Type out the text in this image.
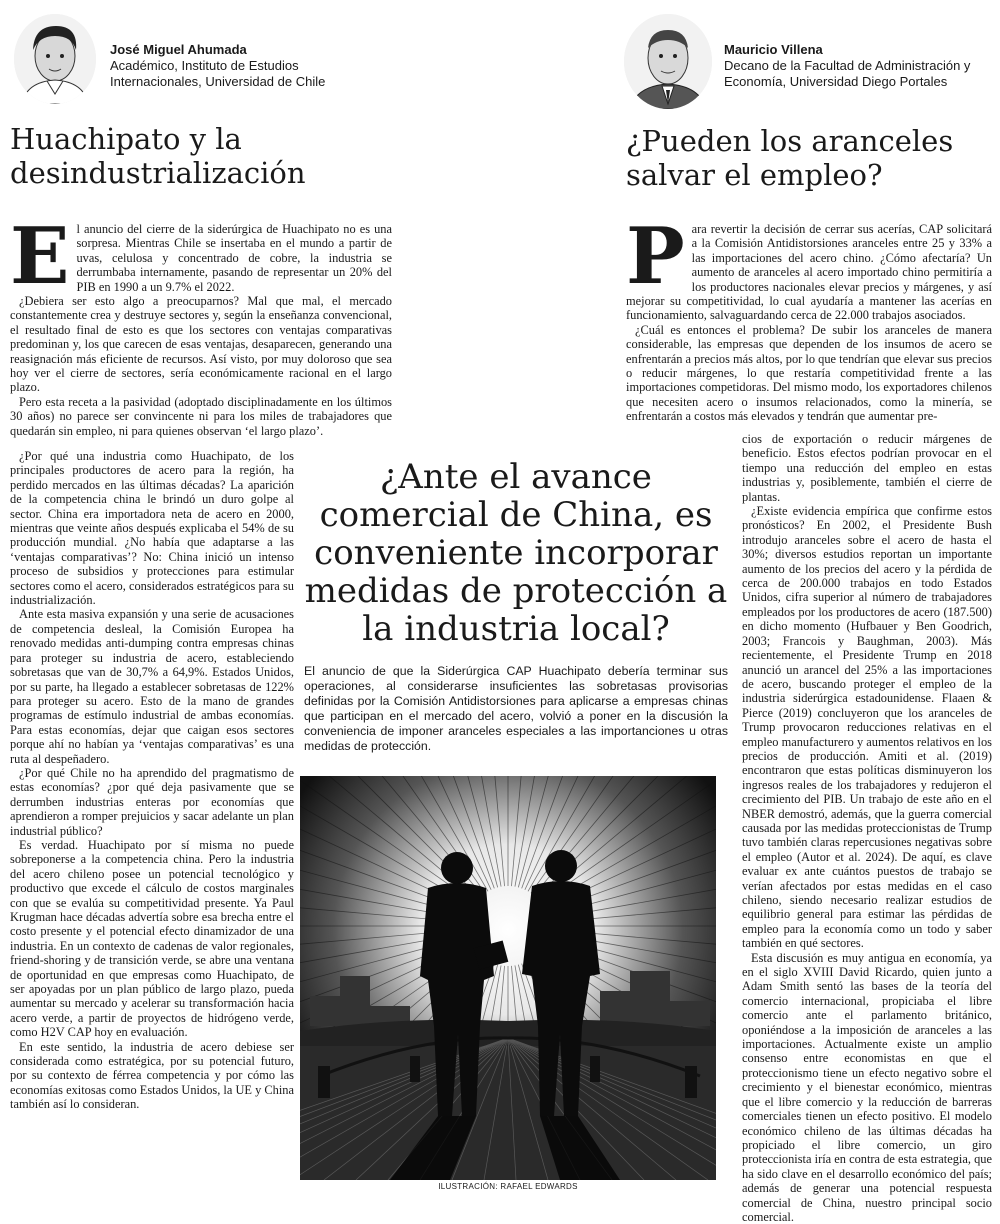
José Miguel Ahumada
Académico, Instituto de Estudios
Internacionales, Universidad de Chile
Mauricio Villena
Decano de la Facultad de Administración y
Economía, Universidad Diego Portales
Huachipato y la
desindustrialización
¿Pueden los aranceles
salvar el empleo?

El anuncio del cierre de la siderúrgica de Huachipato no es una sorpresa. Mientras Chile se insertaba en el mundo a partir de uvas, celulosa y concentrado de cobre, la industria se derrumbaba internamente, pasando de representar un 20% del PIB en 1990 a un 9.7% el 2022.

¿Debiera ser esto algo a preocuparnos? Mal que mal, el mercado constantemente crea y destruye sectores y, según la enseñanza convencional, el resultado final de esto es que los sectores con ventajas comparativas predominan y, los que carecen de esas ventajas, desaparecen, generando una reasignación más eficiente de recursos. Así visto, por muy doloroso que sea hoy ver el cierre de sectores, sería económicamente racional en el largo plazo.

Pero esta receta a la pasividad (adoptado disciplinadamente en los últimos 30 años) no parece ser convincente ni para los miles de trabajadores que quedarán sin empleo, ni para quienes observan ‘el largo plazo’.

¿Por qué una industria como Huachipato, de los principales productores de acero para la región, ha perdido mercados en las últimas décadas? La aparición de la competencia china le brindó un duro golpe al sector. China era importadora neta de acero en 2000, mientras que veinte años después explicaba el 54% de su producción mundial. ¿No había que adaptarse a las ‘ventajas comparativas’? No: China inició un intenso proceso de subsidios y protecciones para estimular sectores como el acero, considerados estratégicos para su industrialización.

Ante esta masiva expansión y una serie de acusaciones de competencia desleal, la Comisión Europea ha renovado medidas anti-dumping contra empresas chinas para proteger su industria de acero, estableciendo sobretasas que van de 30,7% a 64,9%. Estados Unidos, por su parte, ha llegado a establecer sobretasas de 122% para proteger su acero. Esto de la mano de grandes programas de estímulo industrial de ambas economías. Para estas economías, dejar que caigan esos sectores porque ahí no habían ya ‘ventajas comparativas’ es una ruta al despeñadero.

¿Por qué Chile no ha aprendido del pragmatismo de estas economías? ¿por qué deja pasivamente que se derrumben industrias enteras por economías que aprendieron a romper prejuicios y sacar adelante un plan industrial público?

Es verdad. Huachipato por sí misma no puede sobreponerse a la competencia china. Pero la industria del acero chileno posee un potencial tecnológico y productivo que excede el cálculo de costos marginales con que se evalúa su competitividad presente. Ya Paul Krugman hace décadas advertía sobre esa brecha entre el costo presente y el potencial efecto dinamizador de una industria. En un contexto de cadenas de valor regionales, friend-shoring y de transición verde, se abre una ventana de oportunidad en que empresas como Huachipato, de ser apoyadas por un plan público de largo plazo, pueda aumentar su mercado y acelerar su transformación hacia acero verde, a partir de proyectos de hidrógeno verde, como H2V CAP hoy en evaluación.

En este sentido, la industria de acero debiese ser considerada como estratégica, por su potencial futuro, por su contexto de férrea competencia y por cómo las economías exitosas como Estados Unidos, la UE y China también así lo consideran.

Para revertir la decisión de cerrar sus acerías, CAP solicitará a la Comisión Antidistorsiones aranceles entre 25 y 33% a las importaciones del acero chino. ¿Cómo afectaría? Un aumento de aranceles al acero importado chino permitiría a los productores nacionales elevar precios y márgenes, y así mejorar su competitividad, lo cual ayudaría a mantener las acerías en funcionamiento, salvaguardando cerca de 22.000 trabajos asociados.

¿Cuál es entonces el problema? De subir los aranceles de manera considerable, las empresas que dependen de los insumos de acero se enfrentarán a precios más altos, por lo que tendrían que elevar sus precios o reducir márgenes, lo que restaría competitividad frente a las importaciones competidoras. Del mismo modo, los exportadores chilenos que necesiten acero o insumos relacionados, como la minería, se enfrentarán a costos más elevados y tendrán que aumentar pre-

cios de exportación o reducir márgenes de beneficio. Estos efectos podrían provocar en el tiempo una reducción del empleo en estas industrias y, posiblemente, también el cierre de plantas.

¿Existe evidencia empírica que confirme estos pronósticos? En 2002, el Presidente Bush introdujo aranceles sobre el acero de hasta el 30%; diversos estudios reportan un importante aumento de los precios del acero y la pérdida de cerca de 200.000 trabajos en todo Estados Unidos, cifra superior al número de trabajadores empleados por los productores de acero (187.500) en dicho momento (Hufbauer y Ben Goodrich, 2003; Francois y Baughman, 2003). Más recientemente, el Presidente Trump en 2018 anunció un arancel del 25% a las importaciones de acero, buscando proteger el empleo de la industria siderúrgica estadounidense. Flaaen & Pierce (2019) concluyeron que los aranceles de Trump provocaron reducciones relativas en el empleo manufacturero y aumentos relativos en los precios de producción. Amiti et al. (2019) encontraron que estas políticas disminuyeron los ingresos reales de los trabajadores y redujeron el crecimiento del PIB. Un trabajo de este año en el NBER demostró, además, que la guerra comercial causada por las medidas proteccionistas de Trump tuvo también claras repercusiones negativas sobre el empleo (Autor et al. 2024). De aquí, es clave evaluar ex ante cuántos puestos de trabajo se verían afectados por estas medidas en el caso chileno, siendo necesario realizar estudios de equilibrio general para estimar las pérdidas de empleo para la economía como un todo y saber también en qué sectores.

Esta discusión es muy antigua en economía, ya en el siglo XVIII David Ricardo, quien junto a Adam Smith sentó las bases de la teoría del comercio internacional, propiciaba el libre comercio ante el parlamento británico, oponiéndose a la imposición de aranceles a las importaciones. Actualmente existe un amplio consenso entre economistas en que el proteccionismo tiene un efecto negativo sobre el crecimiento y el bienestar económico, mientras que el libre comercio y la reducción de barreras comerciales tienen un efecto positivo. El modelo económico chileno de las últimas décadas ha propiciado el libre comercio, un giro proteccionista iría en contra de esta estrategia, que ha sido clave en el desarrollo económico del país; además de generar una potencial respuesta comercial de China, nuestro principal socio comercial.

¿Ante el avance comercial de China, es conveniente incorporar medidas de protección a la industria local?
El anuncio de que la Siderúrgica CAP Huachipato debería terminar sus operaciones, al considerarse insuficientes las sobretasas provisorias definidas por la Comisión Antidistorsiones para aplicarse a empresas chinas que participan en el mercado del acero, volvió a poner en la discusión la conveniencia de imponer aranceles especiales a las importanciones u otras medidas de protección.
ILUSTRACIÓN: RAFAEL EDWARDS
